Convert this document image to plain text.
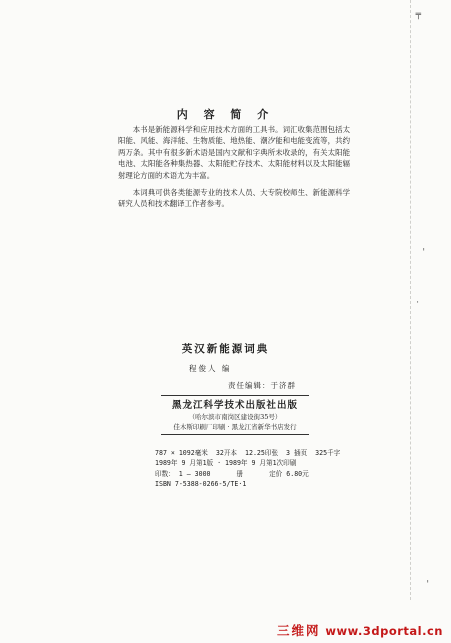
╤
'
·
'
内 容 简 介

本书是新能源科学和应用技术方面的工具书。词汇收集范围包括太阳能、风能、海洋能、生物质能、地热能、潮汐能和电能变流等，共约两万条。其中有很多新术语是国内文献和字典所未收录的，有关太阳能电池、太阳能各种集热器、太阳能贮存技术、太阳能材料以及太阳能辐射理论方面的术语尤为丰富。

本词典可供各类能源专业的技术人员、大专院校师生、新能源科学研究人员和技术翻译工作者参考。

英汉新能源词典
程俊人 编
责任编辑：于济群
黑龙江科学技术出版社出版
（哈尔滨市南岗区建设街35号）
佳木斯印刷厂印刷 · 黑龙江省新华书店发行
787 × 1092毫米 32开本 12.25印张 3 插页 325千字
1989年 9 月第1版 · 1989年 9 月第1次印刷
印数： 1 — 3000	册	定价 6.80元
ISBN 7-5388-0266-5/TE·1
三维网 www.3dportal.cn
